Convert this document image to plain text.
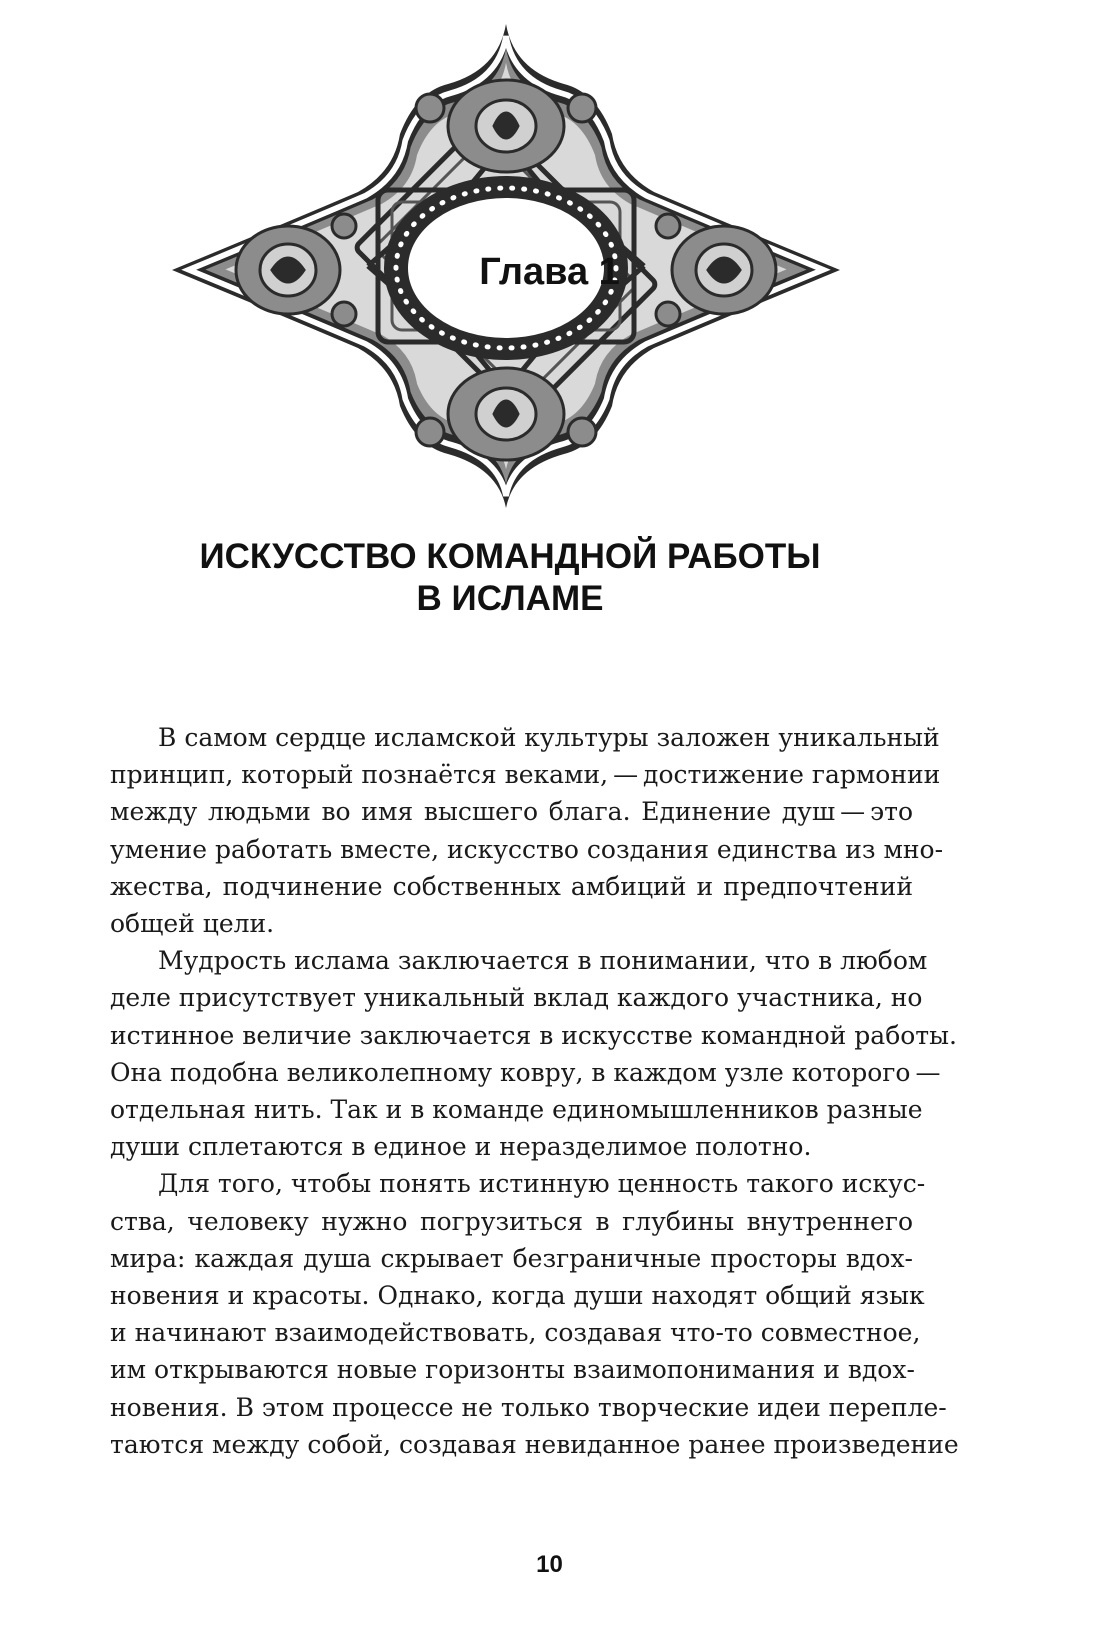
Глава 1
ИСКУССТВО КОМАНДНОЙ РАБОТЫ
В ИСЛАМЕ
В самом сердце исламской культуры заложен уникальный
принцип, который познаётся веками, — достижение гармонии
между людьми во имя высшего блага. Единение душ — это
умение работать вместе, искусство создания единства из мно-
жества, подчинение собственных амбиций и предпочтений
общей цели.
Мудрость ислама заключается в понимании, что в любом
деле присутствует уникальный вклад каждого участника, но
истинное величие заключается в искусстве командной работы.
Она подобна великолепному ковру, в каждом узле которого —
отдельная нить. Так и в команде единомышленников разные
души сплетаются в единое и неразделимое полотно.
Для того, чтобы понять истинную ценность такого искус-
ства, человеку нужно погрузиться в глубины внутреннего
мира: каждая душа скрывает безграничные просторы вдох-
новения и красоты. Однако, когда души находят общий язык
и начинают взаимодействовать, создавая что-то совместное,
им открываются новые горизонты взаимопонимания и вдох-
новения. В этом процессе не только творческие идеи перепле-
таются между собой, создавая невиданное ранее произведение
10
